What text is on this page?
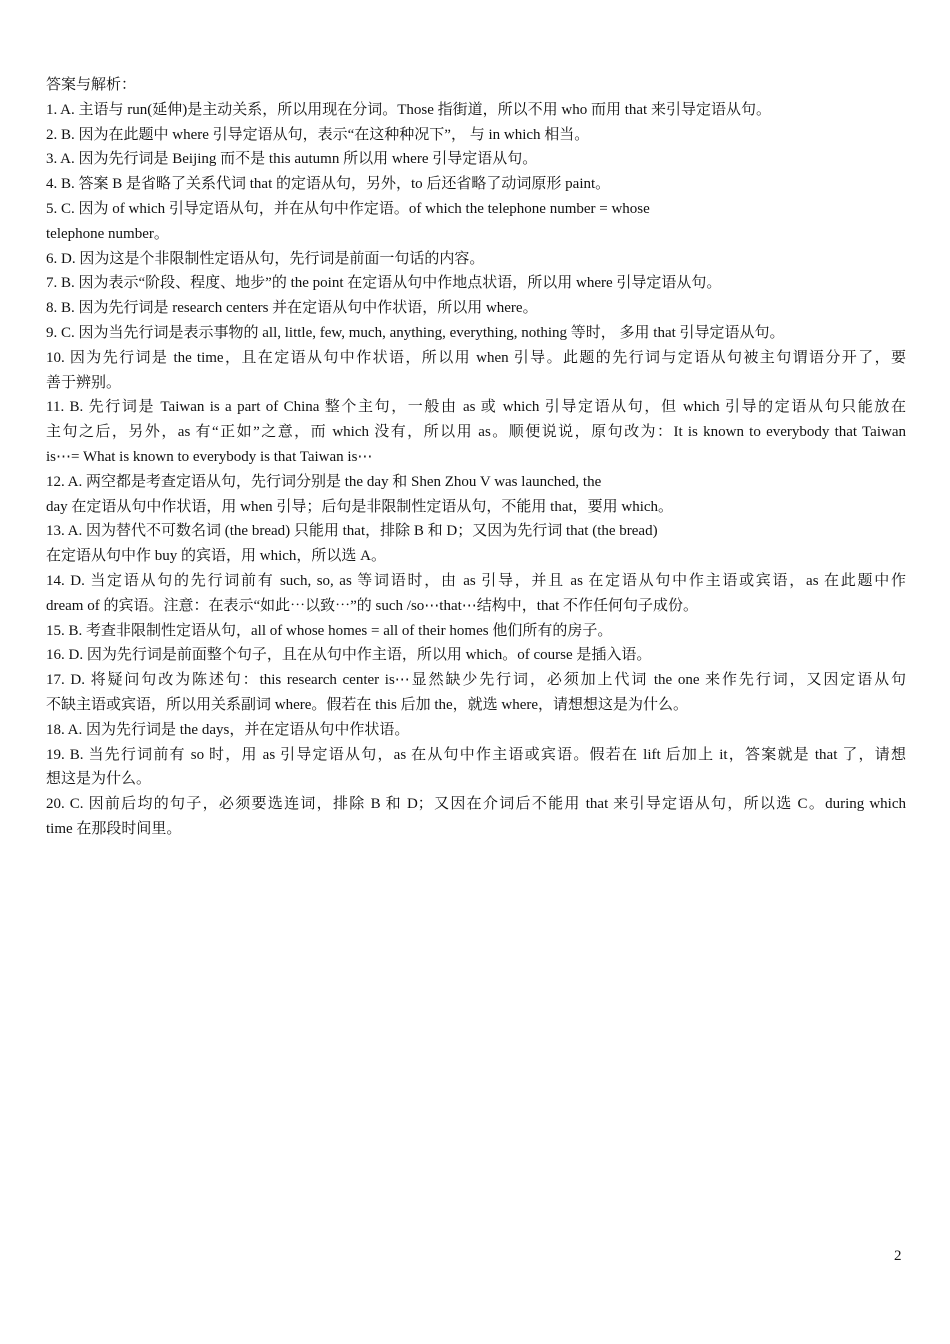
答案与解析：
1. A. 主语与 run(延伸)是主动关系，所以用现在分词。Those 指街道，所以不用 who 而用 that 来引导定语从句。
2. B. 因为在此题中 where 引导定语从句，表示“在这种种况下”， 与 in which 相当。
3. A. 因为先行词是 Beijing 而不是 this autumn 所以用 where 引导定语从句。
4. B. 答案 B 是省略了关系代词 that 的定语从句，另外，to 后还省略了动词原形 paint。
5. C. 因为 of which 引导定语从句，并在从句中作定语。of which the telephone number = whose
telephone number。
6. D. 因为这是个非限制性定语从句，先行词是前面一句话的内容。
7. B. 因为表示“阶段、程度、地步”的 the point 在定语从句中作地点状语，所以用 where 引导定语从句。
8. B. 因为先行词是 research centers 并在定语从句中作状语，所以用 where。
9. C. 因为当先行词是表示事物的 all, little, few, much, anything, everything, nothing 等时， 多用 that 引导定语从句。
10. 因为先行词是 the time，且在定语从句中作状语，所以用 when 引导。此题的先行词与定语从句被主句谓语分开了，要
善于辨别。
11. B. 先行词是 Taiwan is a part of China 整个主句，一般由 as 或 which 引导定语从句，但 which 引导的定语从句只能放在
主句之后，另外，as 有“正如”之意，而 which 没有，所以用 as。顺便说说，原句改为：It is known to everybody that Taiwan
is⋯= What is known to everybody is that Taiwan is⋯
12. A. 两空都是考查定语从句，先行词分别是 the day 和 Shen Zhou V was launched, the
day 在定语从句中作状语，用 when 引导；后句是非限制性定语从句，不能用 that，要用 which。
13. A. 因为替代不可数名词 (the bread) 只能用 that，排除 B 和 D；又因为先行词 that (the bread)
在定语从句中作 buy 的宾语，用 which，所以选 A。
14. D. 当定语从句的先行词前有 such, so, as 等词语时，由 as 引导，并且 as 在定语从句中作主语或宾语，as 在此题中作
dream of 的宾语。注意：在表示“如此⋯以致⋯”的 such /so⋯that⋯结构中，that 不作任何句子成份。
15. B. 考查非限制性定语从句，all of whose homes = all of their homes 他们所有的房子。
16. D. 因为先行词是前面整个句子，且在从句中作主语，所以用 which。of course 是插入语。
17. D. 将疑问句改为陈述句：this research center is⋯显然缺少先行词，必须加上代词 the one 来作先行词，又因定语从句
不缺主语或宾语，所以用关系副词 where。假若在 this 后加 the，就选 where，请想想这是为什么。
18. A. 因为先行词是 the days，并在定语从句中作状语。
19. B. 当先行词前有 so 时，用 as 引导定语从句，as 在从句中作主语或宾语。假若在 lift 后加上 it，答案就是 that 了，请想
想这是为什么。
20. C. 因前后均的句子，必须要选连词，排除 B 和 D；又因在介词后不能用 that 来引导定语从句，所以选 C。during which
time 在那段时间里。
2
